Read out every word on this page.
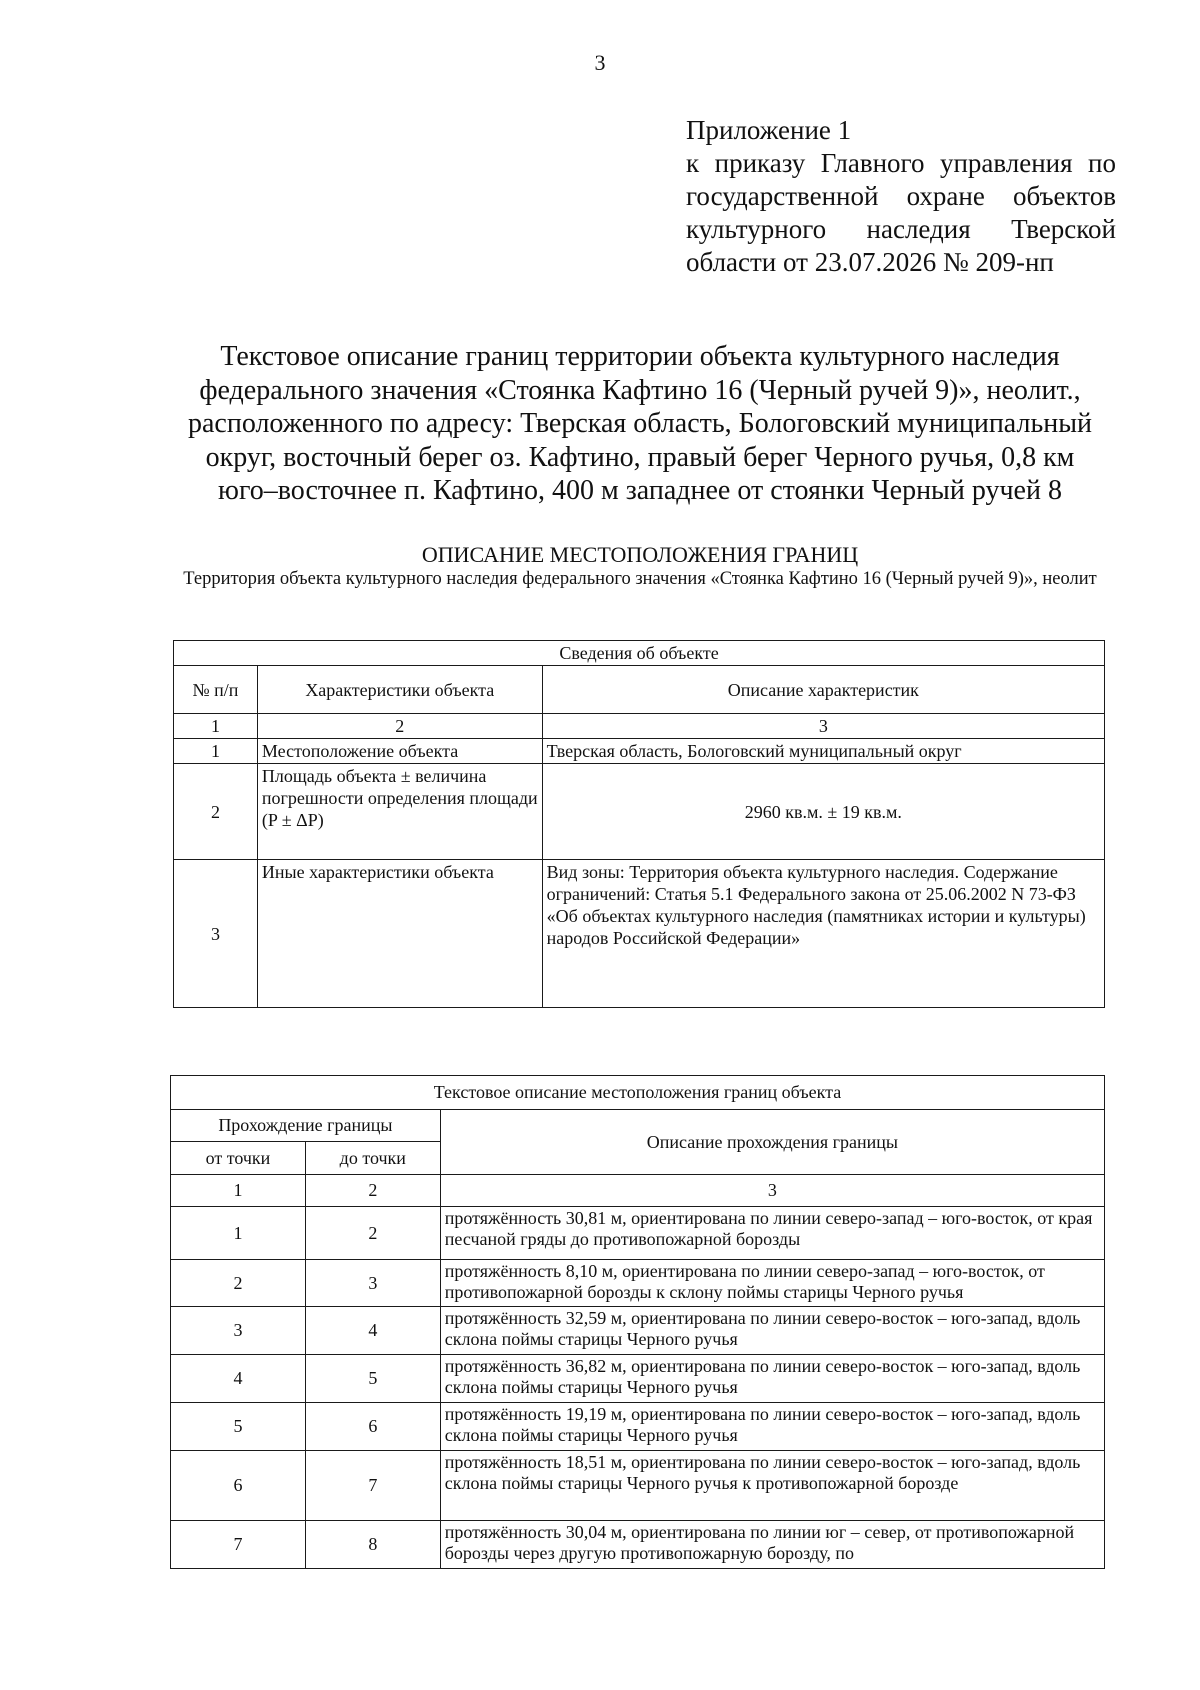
3
Приложение 1
к приказу Главного управления по государственной охране объектов культурного наследия Тверской области от 23.07.2026 № 209-нп
Текстовое описание границ территории объекта культурного наследия
федерального значения «Стоянка Кафтино 16 (Черный ручей 9)», неолит.,
расположенного по адресу: Тверская область, Бологовский муниципальный
округ, восточный берег оз. Кафтино, правый берег Черного ручья, 0,8 км
юго–восточнее п. Кафтино, 400 м западнее от стоянки Черный ручей 8
ОПИСАНИЕ МЕСТОПОЛОЖЕНИЯ ГРАНИЦ
Территория объекта культурного наследия федерального значения «Стоянка Кафтино 16 (Черный ручей 9)», неолит
Сведения об объекте		
№ п/п	Характеристики объекта	Описание характеристик
1	2	3
1	Местоположение объекта	Тверская область, Бологовский муниципальный округ
2	Площадь объекта ± величина погрешности определения площади (P ± ΔP)	2960 кв.м. ± 19 кв.м.
3	Иные характеристики объекта	Вид зоны: Территория объекта культурного наследия. Содержание ограничений: Статья 5.1 Федерального закона от 25.06.2002 N 73-ФЗ «Об объектах культурного наследия (памятниках истории и культуры) народов Российской Федерации»
Текстовое описание местоположения границ объекта		
Прохождение границы		Описание прохождения границы
от точки	до точки	
1	2	3
1	2	протяжённость 30,81 м, ориентирована по линии северо-запад – юго-восток, от края песчаной гряды до противопожарной борозды
2	3	протяжённость 8,10 м, ориентирована по линии северо-запад – юго-восток, от противопожарной борозды к склону поймы старицы Черного ручья
3	4	протяжённость 32,59 м, ориентирована по линии северо-восток – юго-запад, вдоль склона поймы старицы Черного ручья
4	5	протяжённость 36,82 м, ориентирована по линии северо-восток – юго-запад, вдоль склона поймы старицы Черного ручья
5	6	протяжённость 19,19 м, ориентирована по линии северо-восток – юго-запад, вдоль склона поймы старицы Черного ручья
6	7	протяжённость 18,51 м, ориентирована по линии северо-восток – юго-запад, вдоль склона поймы старицы Черного ручья к противопожарной борозде
7	8	протяжённость 30,04 м, ориентирована по линии юг – север, от противопожарной борозды через другую противопожарную борозду, по
